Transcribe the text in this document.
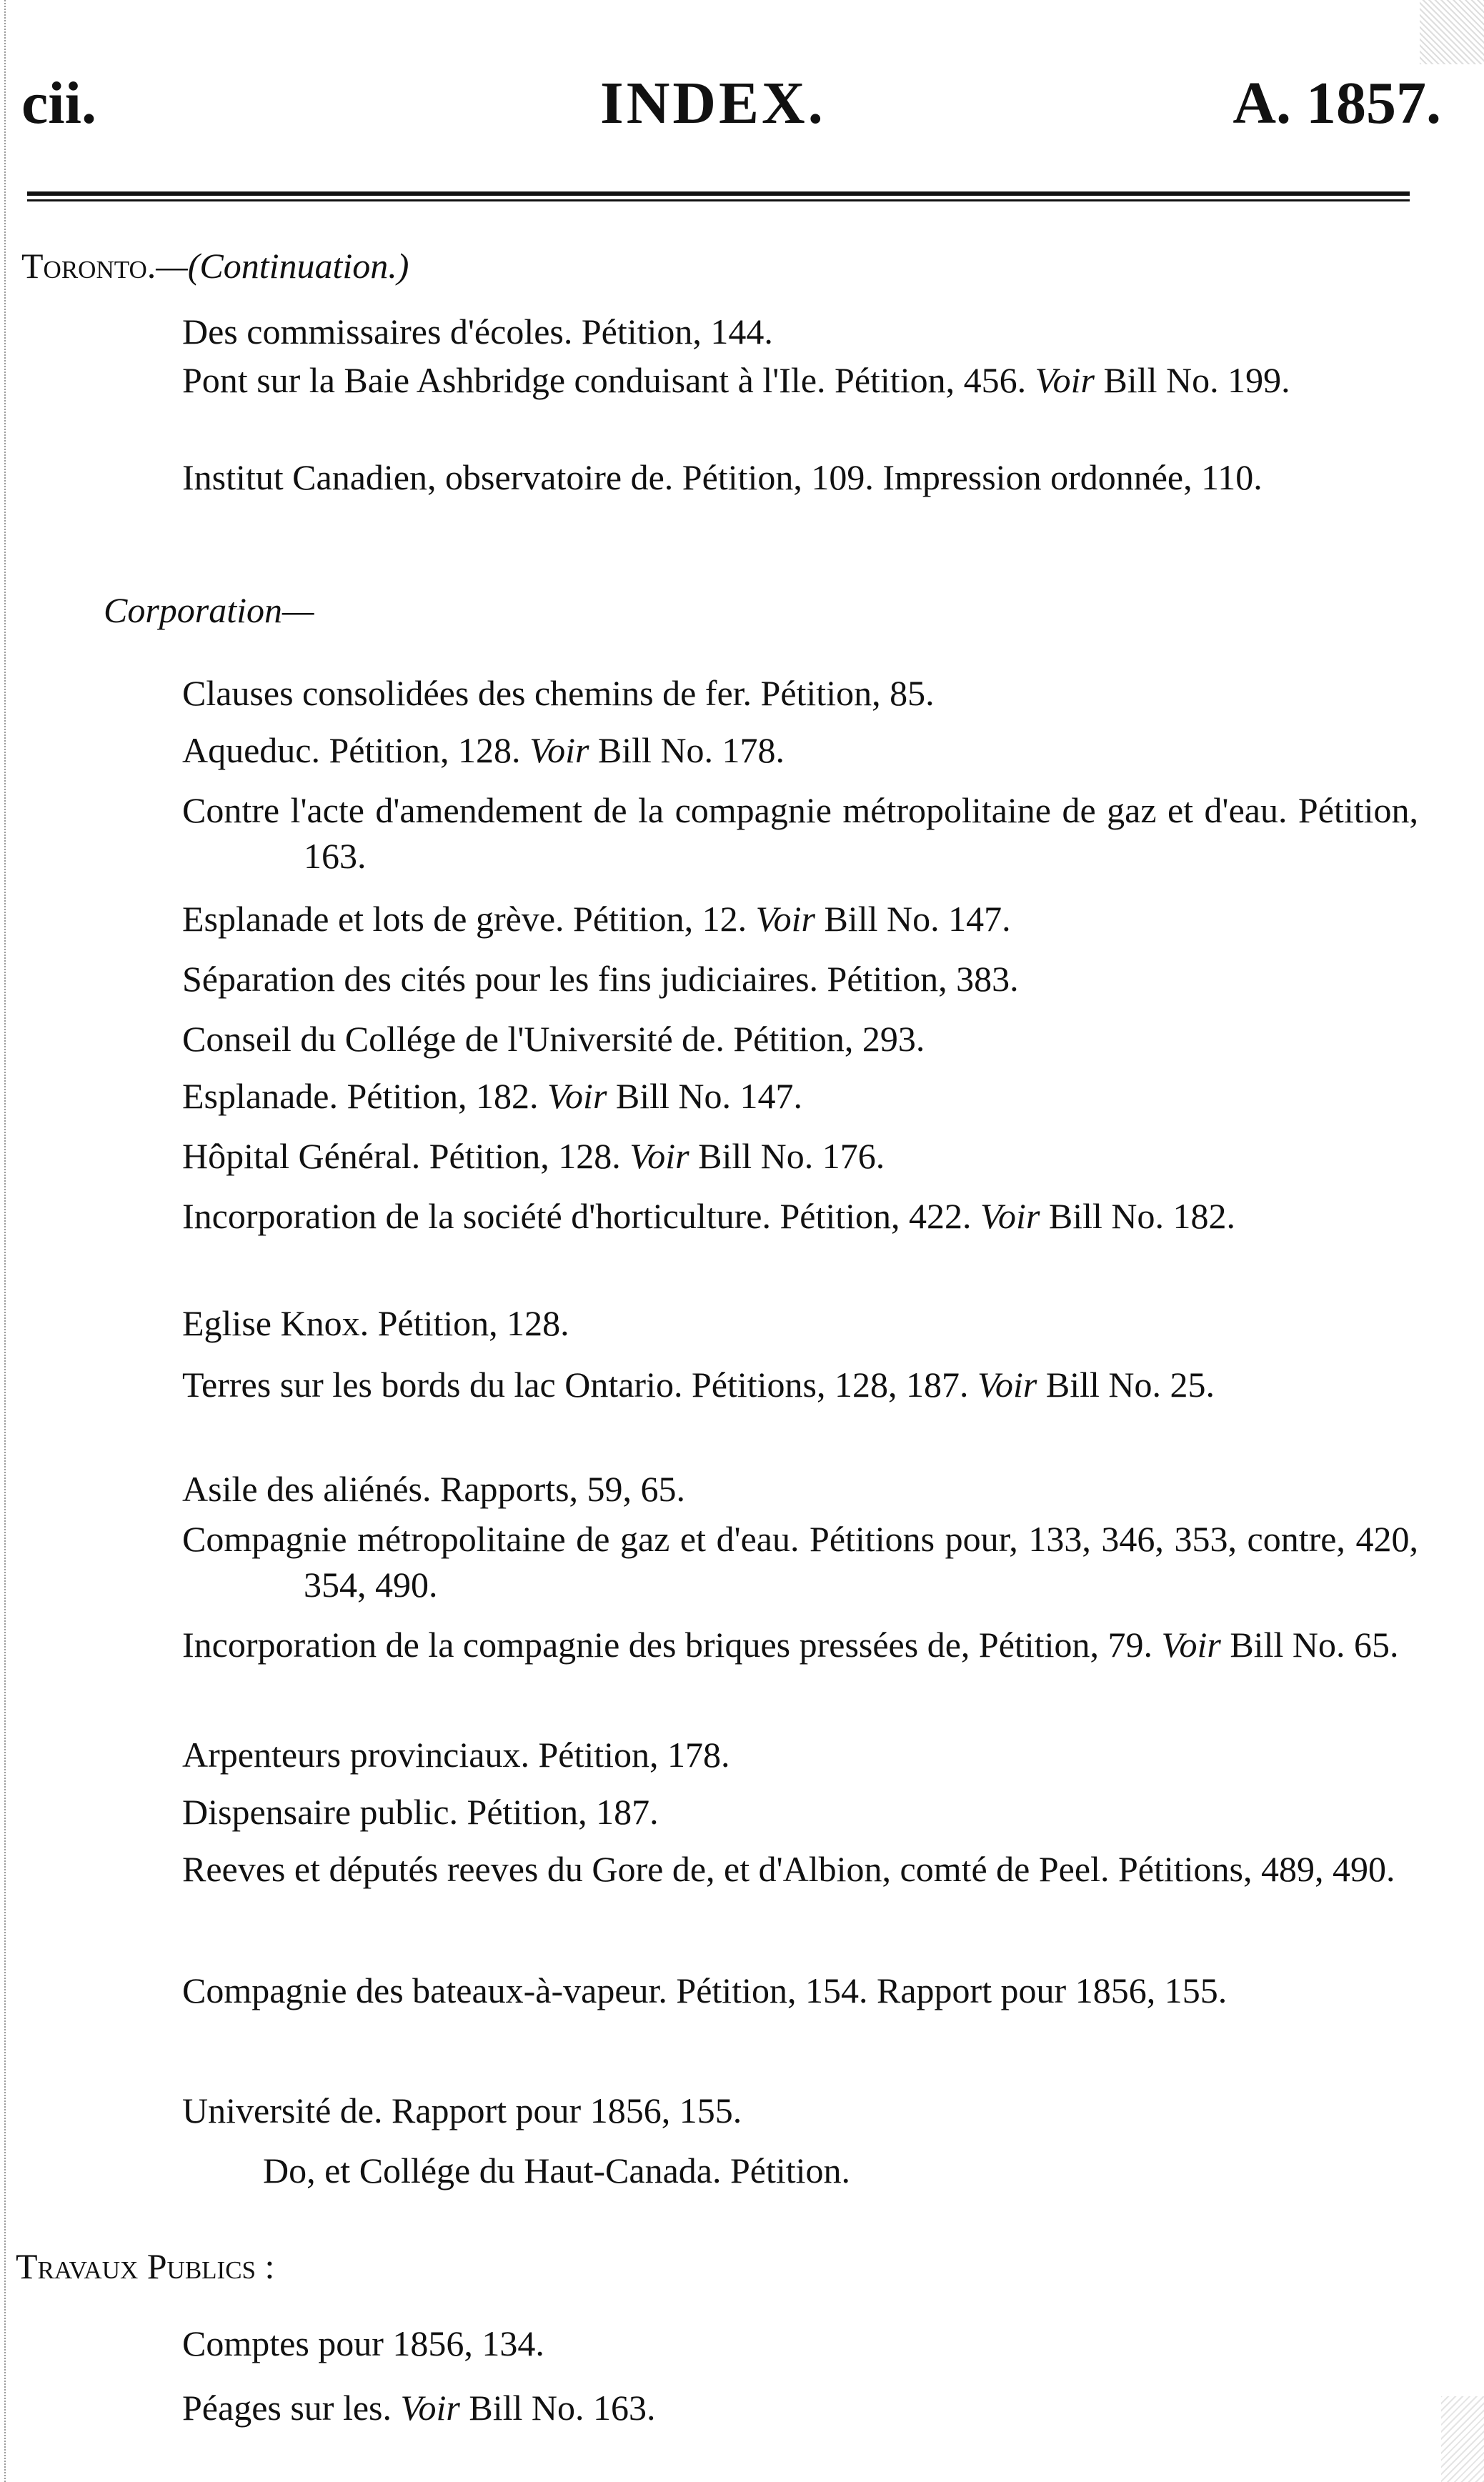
cii.	INDEX.	A. 1857.
Toronto.—(Continuation.)
Des commissaires d'écoles. Pétition, 144.
Pont sur la Baie Ashbridge conduisant à l'Ile. Pétition, 456. Voir Bill No. 199.
Institut Canadien, observatoire de. Pétition, 109. Impression ordonnée, 110.
Corporation—
Clauses consolidées des chemins de fer. Pétition, 85.
Aqueduc. Pétition, 128. Voir Bill No. 178.
Contre l'acte d'amendement de la compagnie métropolitaine de gaz et d'eau. Pétition, 163.
Esplanade et lots de grève. Pétition, 12. Voir Bill No. 147.
Séparation des cités pour les fins judiciaires. Pétition, 383.
Conseil du Collége de l'Université de. Pétition, 293.
Esplanade. Pétition, 182. Voir Bill No. 147.
Hôpital Général. Pétition, 128. Voir Bill No. 176.
Incorporation de la société d'horticulture. Pétition, 422. Voir Bill No. 182.
Eglise Knox. Pétition, 128.
Terres sur les bords du lac Ontario. Pétitions, 128, 187. Voir Bill No. 25.
Asile des aliénés. Rapports, 59, 65.
Compagnie métropolitaine de gaz et d'eau. Pétitions pour, 133, 346, 353, contre, 420, 354, 490.
Incorporation de la compagnie des briques pressées de, Pétition, 79. Voir Bill No. 65.
Arpenteurs provinciaux. Pétition, 178.
Dispensaire public. Pétition, 187.
Reeves et députés reeves du Gore de, et d'Albion, comté de Peel. Pétitions, 489, 490.
Compagnie des bateaux-à-vapeur. Pétition, 154. Rapport pour 1856, 155.
Université de. Rapport pour 1856, 155.
Do, et Collége du Haut-Canada. Pétition.
Travaux Publics :
Comptes pour 1856, 134.
Péages sur les. Voir Bill No. 163.
